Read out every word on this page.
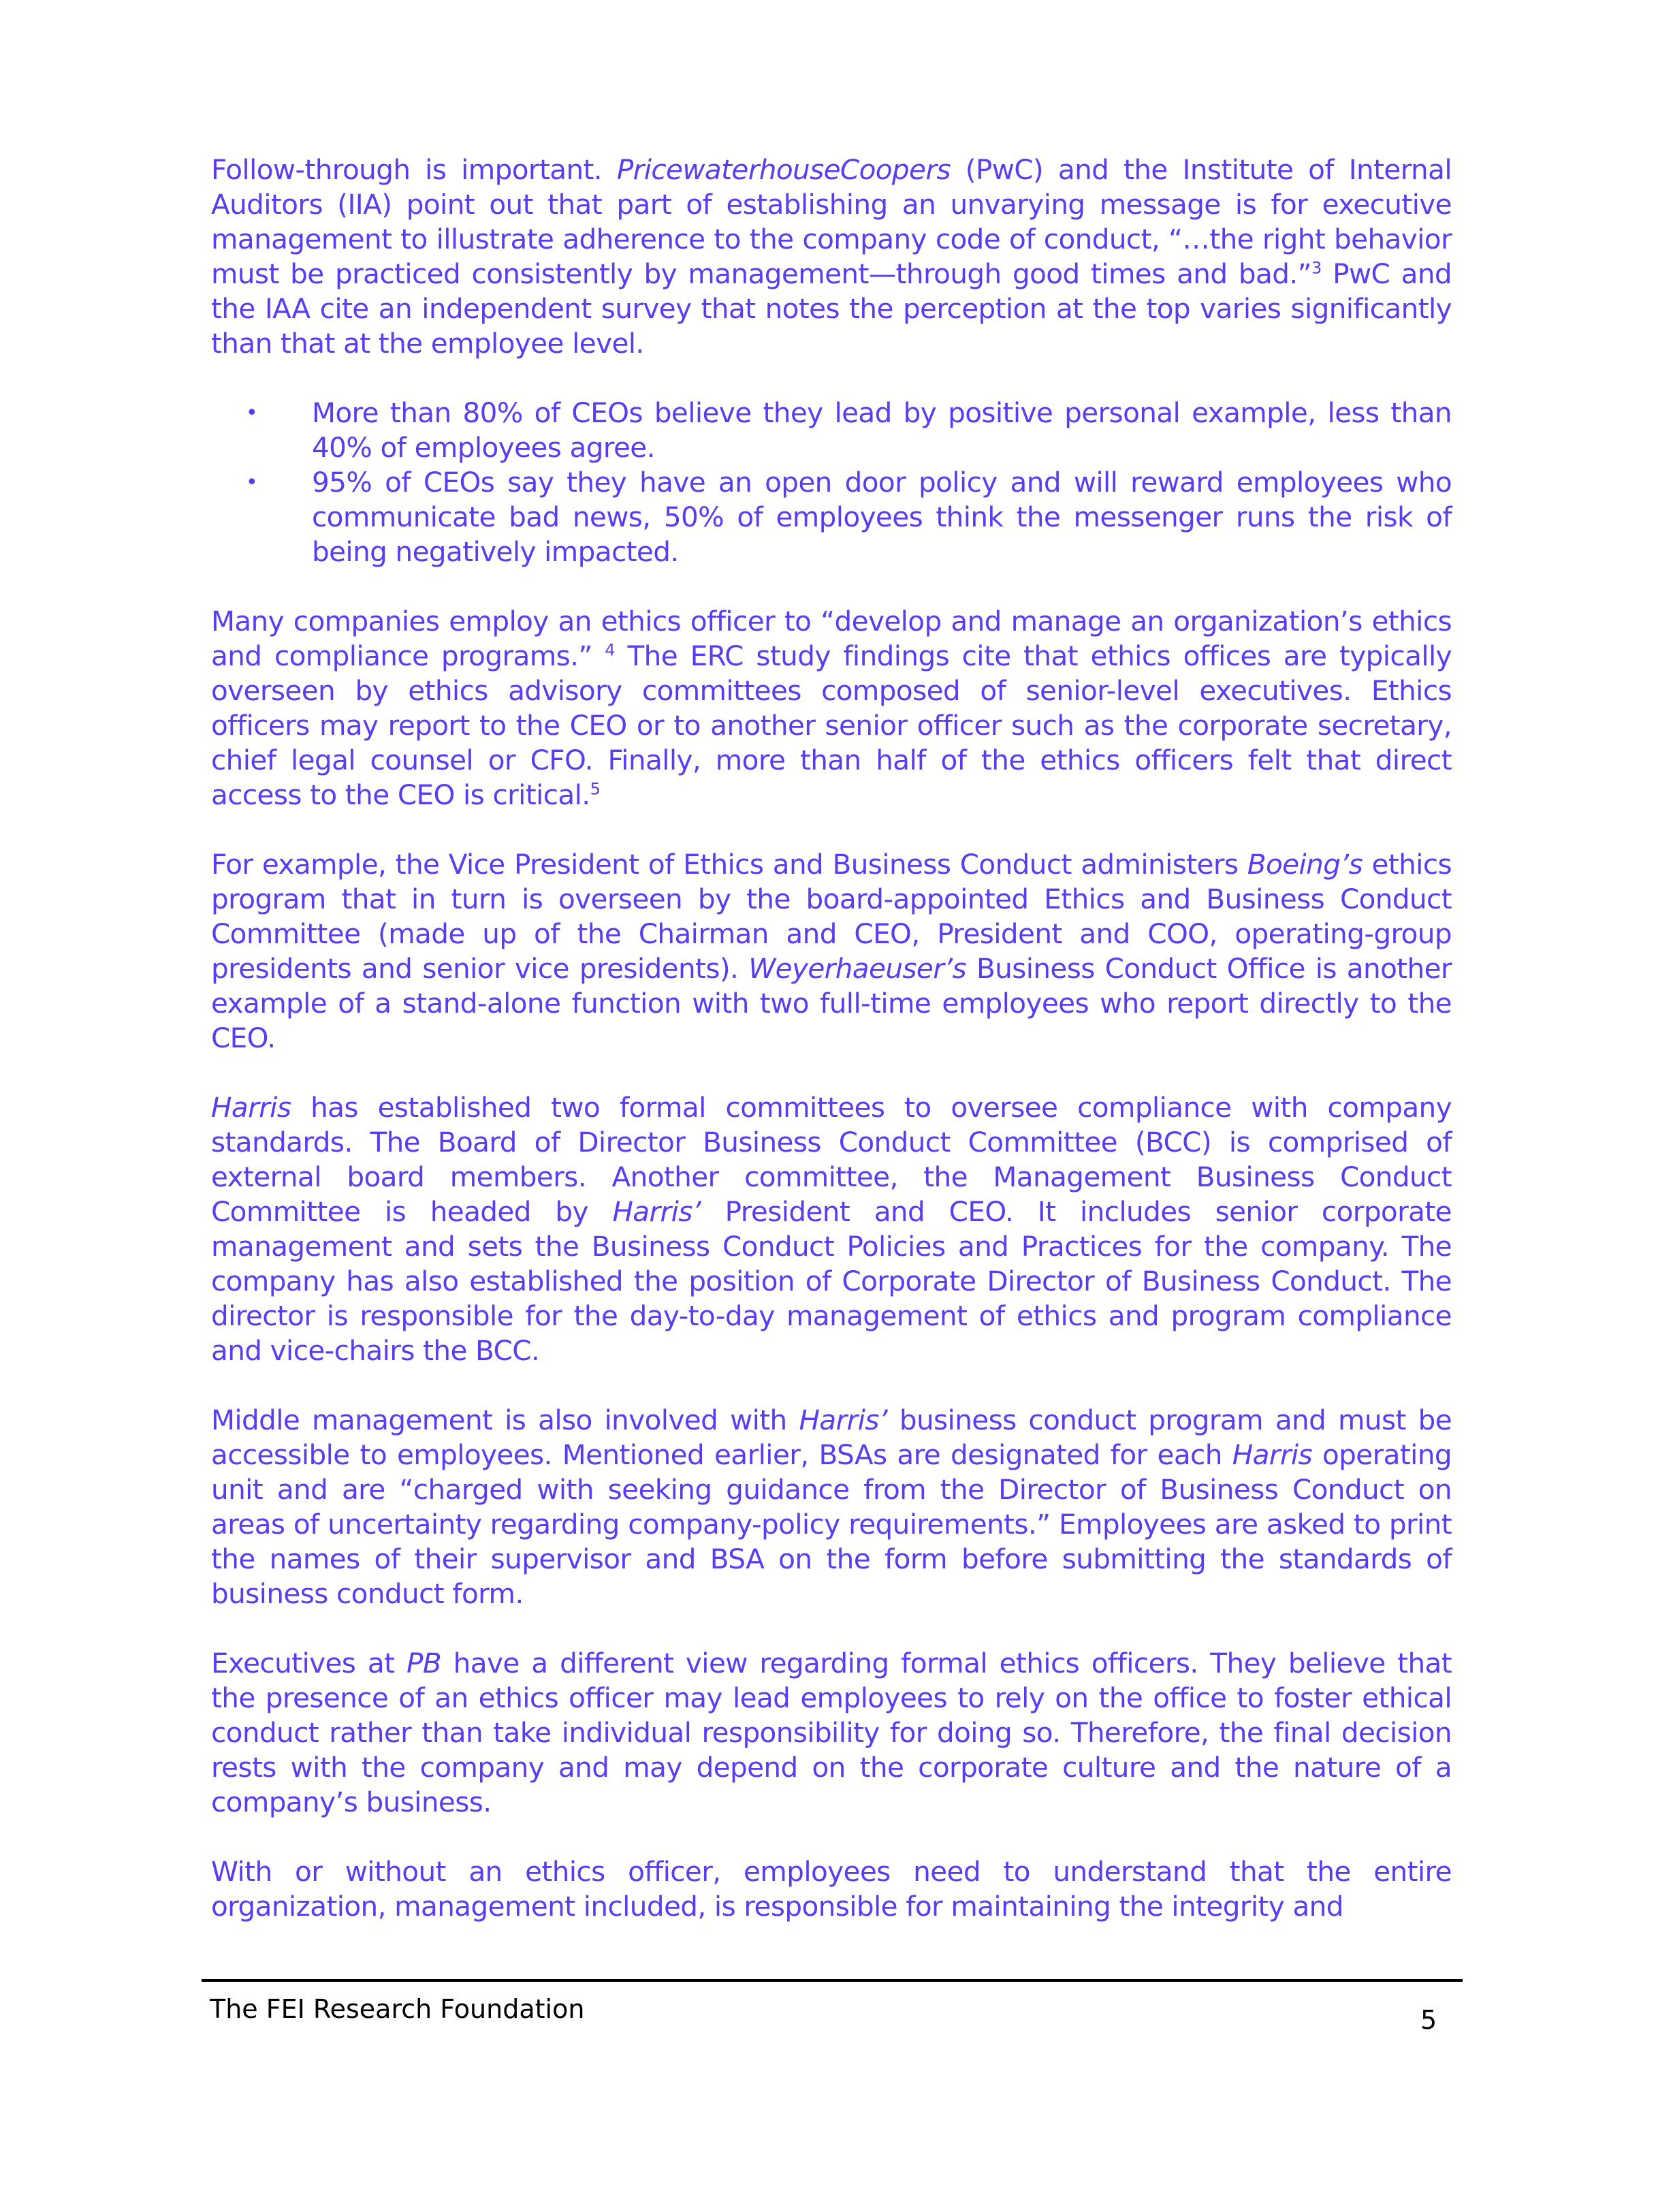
Follow-through is important. PricewaterhouseCoopers (PwC) and the Institute of Internal Auditors (IIA) point out that part of establishing an unvarying message is for executive management to illustrate adherence to the company code of conduct, “…the right behavior must be practiced consistently by management—through good times and bad.”$^3$ PwC and the IAA cite an independent survey that notes the perception at the top varies significantly than that at the employee level.

• More than 80% of CEOs believe they lead by positive personal example, less than 40% of employees agree.
• 95% of CEOs say they have an open door policy and will reward employees who communicate bad news, 50% of employees think the messenger runs the risk of being negatively impacted.

Many companies employ an ethics officer to “develop and manage an organization’s ethics and compliance programs.” $^4$ The ERC study findings cite that ethics offices are typically overseen by ethics advisory committees composed of senior-level executives. Ethics officers may report to the CEO or to another senior officer such as the corporate secretary, chief legal counsel or CFO. Finally, more than half of the ethics officers felt that direct access to the CEO is critical.$^5$

For example, the Vice President of Ethics and Business Conduct administers Boeing’s ethics program that in turn is overseen by the board-appointed Ethics and Business Conduct Committee (made up of the Chairman and CEO, President and COO, operating-group presidents and senior vice presidents). Weyerhaeuser’s Business Conduct Office is another example of a stand-alone function with two full-time employees who report directly to the CEO.

Harris has established two formal committees to oversee compliance with company standards. The Board of Director Business Conduct Committee (BCC) is comprised of external board members. Another committee, the Management Business Conduct Committee is headed by Harris’ President and CEO. It includes senior corporate management and sets the Business Conduct Policies and Practices for the company. The company has also established the position of Corporate Director of Business Conduct. The director is responsible for the day-to-day management of ethics and program compliance and vice-chairs the BCC.

Middle management is also involved with Harris’ business conduct program and must be accessible to employees. Mentioned earlier, BSAs are designated for each Harris operating unit and are “charged with seeking guidance from the Director of Business Conduct on areas of uncertainty regarding company-policy requirements.” Employees are asked to print the names of their supervisor and BSA on the form before submitting the standards of business conduct form.

Executives at PB have a different view regarding formal ethics officers. They believe that the presence of an ethics officer may lead employees to rely on the office to foster ethical conduct rather than take individual responsibility for doing so. Therefore, the final decision rests with the company and may depend on the corporate culture and the nature of a company’s business.

With or without an ethics officer, employees need to understand that the entire organization, management included, is responsible for maintaining the integrity and

The FEI Research Foundation	5
